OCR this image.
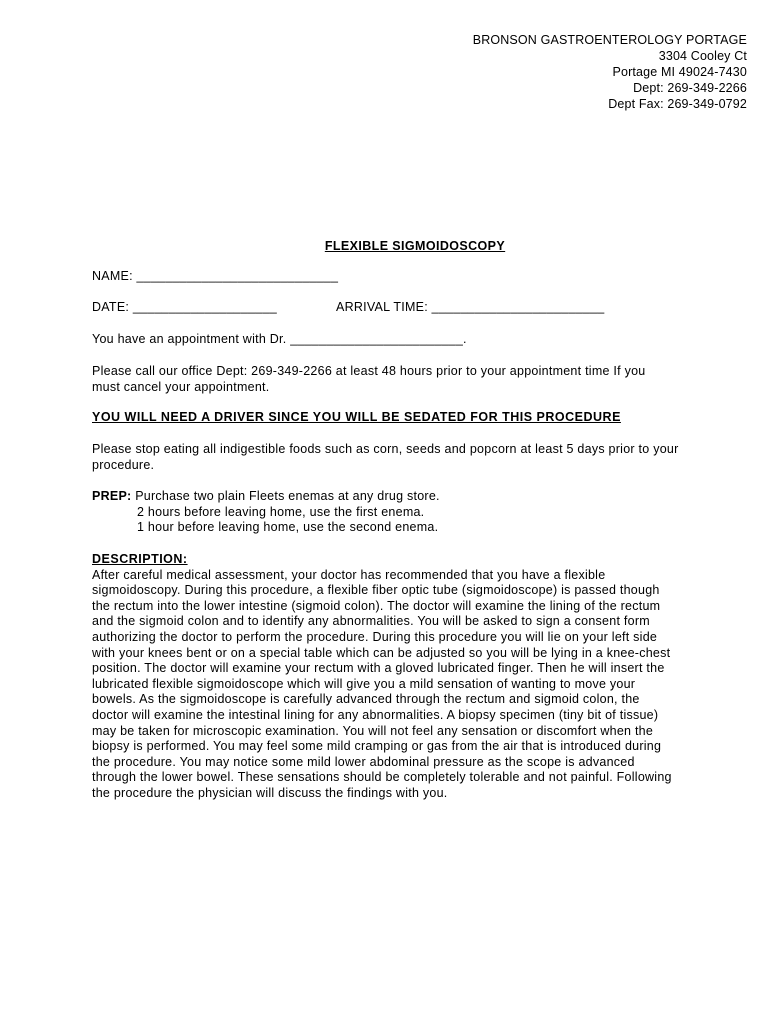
BRONSON GASTROENTEROLOGY PORTAGE
3304 Cooley Ct
Portage MI 49024-7430
Dept: 269-349-2266
Dept Fax: 269-349-0792
FLEXIBLE SIGMOIDOSCOPY
NAME: ____________________________
DATE: ____________________	ARRIVAL TIME: ________________________
You have an appointment with Dr. ________________________.
Please call our office Dept: 269-349-2266 at least 48 hours prior to your appointment time If you
must cancel your appointment.
YOU WILL NEED A DRIVER SINCE YOU WILL BE SEDATED FOR THIS PROCEDURE
Please stop eating all indigestible foods such as corn, seeds and popcorn at least 5 days prior to your
procedure.
PREP: Purchase two plain Fleets enemas at any drug store.
2 hours before leaving home, use the first enema.
1 hour before leaving home, use the second enema.
DESCRIPTION:
After careful medical assessment, your doctor has recommended that you have a flexible
sigmoidoscopy. During this procedure, a flexible fiber optic tube (sigmoidoscope) is passed though
the rectum into the lower intestine (sigmoid colon). The doctor will examine the lining of the rectum
and the sigmoid colon and to identify any abnormalities. You will be asked to sign a consent form
authorizing the doctor to perform the procedure. During this procedure you will lie on your left side
with your knees bent or on a special table which can be adjusted so you will be lying in a knee-chest
position. The doctor will examine your rectum with a gloved lubricated finger. Then he will insert the
lubricated flexible sigmoidoscope which will give you a mild sensation of wanting to move your
bowels. As the sigmoidoscope is carefully advanced through the rectum and sigmoid colon, the
doctor will examine the intestinal lining for any abnormalities. A biopsy specimen (tiny bit of tissue)
may be taken for microscopic examination. You will not feel any sensation or discomfort when the
biopsy is performed. You may feel some mild cramping or gas from the air that is introduced during
the procedure. You may notice some mild lower abdominal pressure as the scope is advanced
through the lower bowel. These sensations should be completely tolerable and not painful. Following
the procedure the physician will discuss the findings with you.
